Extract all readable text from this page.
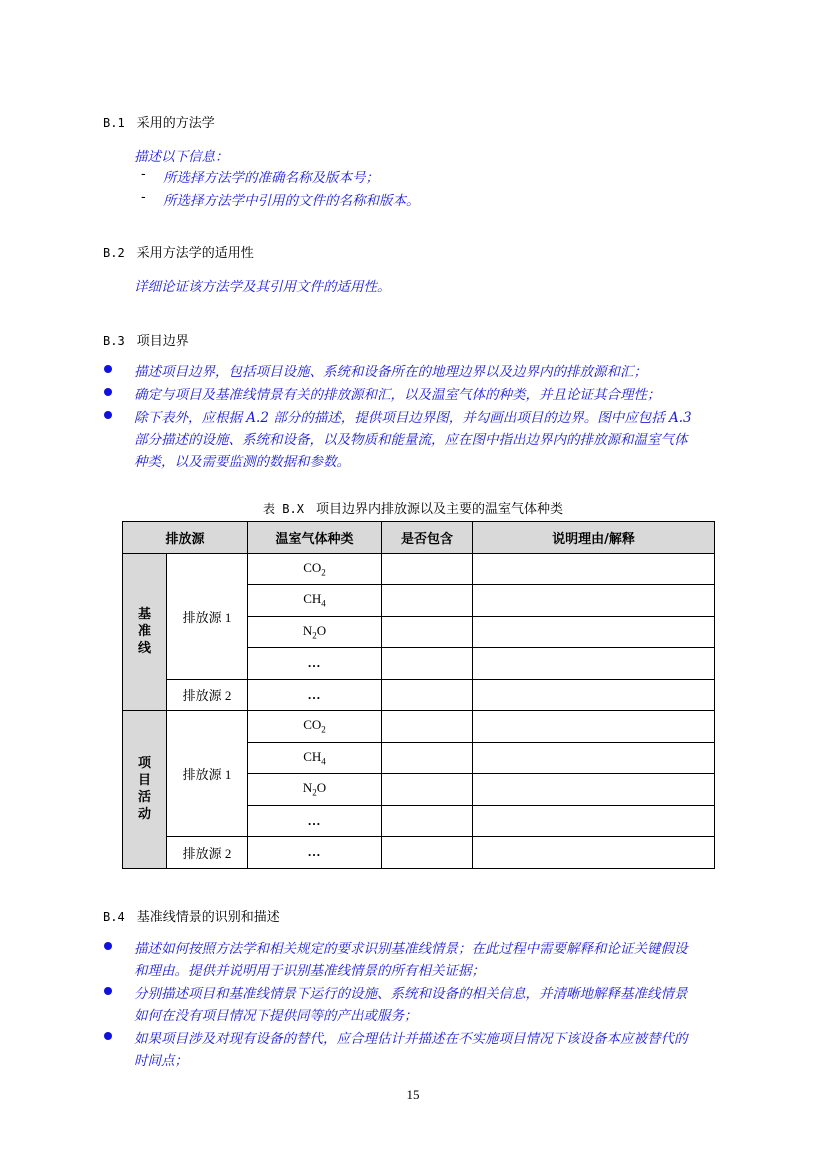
B.1 采用的方法学
描述以下信息：
- 所选择方法学的准确名称及版本号；
- 所选择方法学中引用的文件的名称和版本。
B.2 采用方法学的适用性
详细论证该方法学及其引用文件的适用性。
B.3 项目边界
描述项目边界，包括项目设施、系统和设备所在的地理边界以及边界内的排放源和汇；
确定与项目及基准线情景有关的排放源和汇，以及温室气体的种类，并且论证其合理性；
除下表外，应根据 A.2 部分的描述，提供项目边界图，并勾画出项目的边界。图中应包括 A.3
部分描述的设施、系统和设备，以及物质和能量流，应在图中指出边界内的排放源和温室气体
种类，以及需要监测的数据和参数。
表 B.X 项目边界内排放源以及主要的温室气体种类
排放源		温室气体种类	是否包含	说明理由/解释

基
准
线	排放源 1	$CO_2$		
		$CH_4$		
		$N_2O$		
		…		
	排放源 2	…		

项
目
活
动	排放源 1	$CO_2$		
		$CH_4$		
		$N_2O$		
		…		
	排放源 2	…		
B.4 基准线情景的识别和描述
描述如何按照方法学和相关规定的要求识别基准线情景；在此过程中需要解释和论证关键假设
和理由。提供并说明用于识别基准线情景的所有相关证据；
分别描述项目和基准线情景下运行的设施、系统和设备的相关信息，并清晰地解释基准线情景
如何在没有项目情况下提供同等的产出或服务；
如果项目涉及对现有设备的替代，应合理估计并描述在不实施项目情况下该设备本应被替代的
时间点；
15
